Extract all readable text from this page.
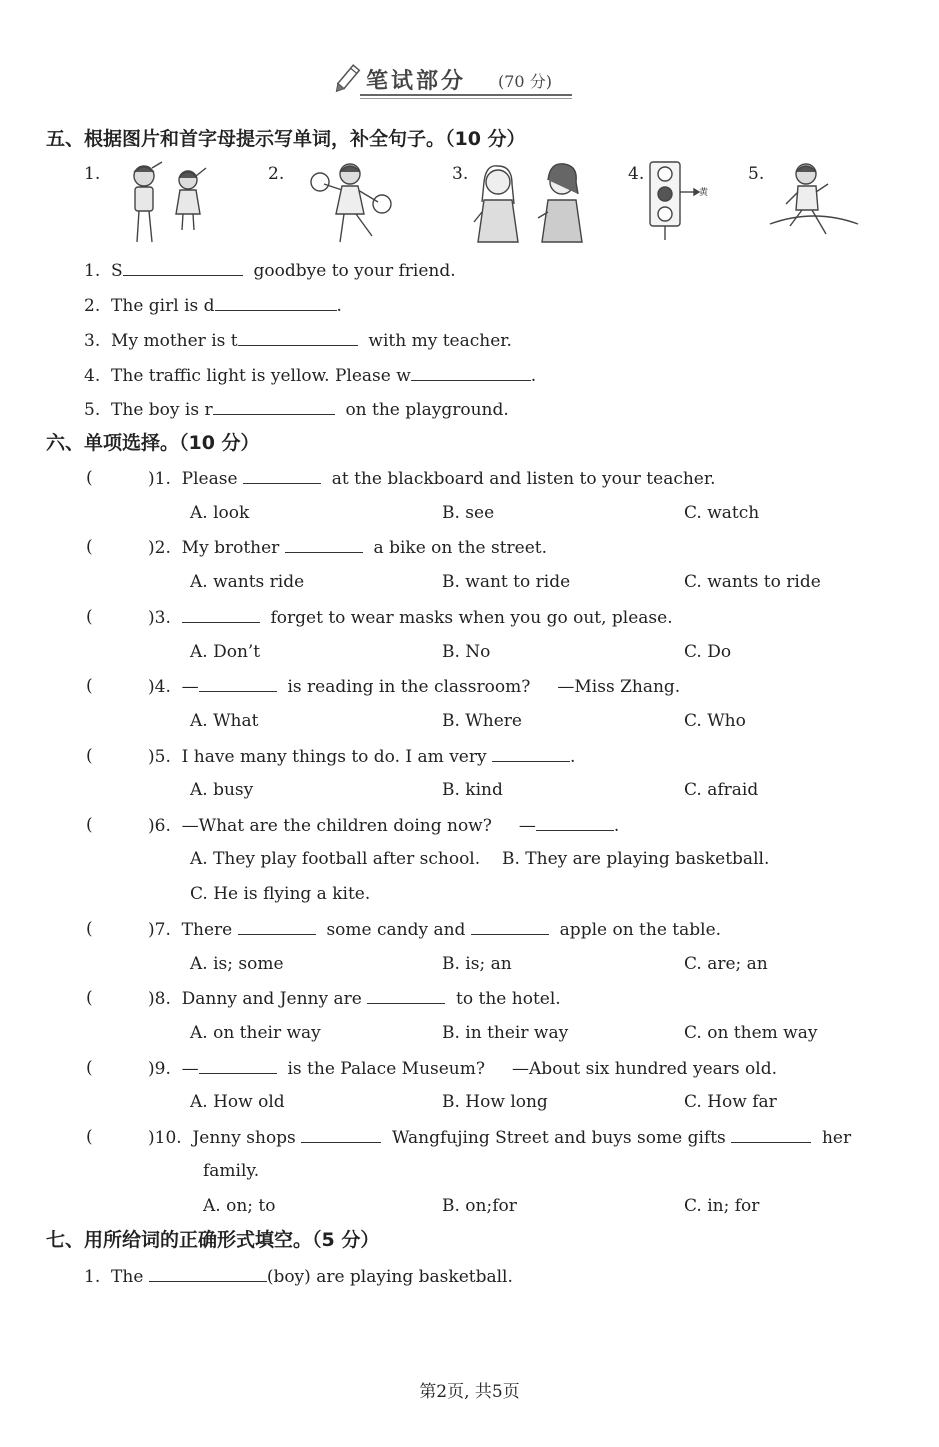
笔试部分 (70 分)
五、根据图片和首字母提示写单词，补全句子。（10 分）
1.	2.	3.	4.	5.
黄
1. S	goodbye to your friend.
2. The girl is d	.
3. My mother is t	with my teacher.
4. The traffic light is yellow. Please w	.
5. The boy is r	on the playground.
六、单项选择。（10 分）
(	)1. Please	at the blackboard and listen to your teacher.
A. look	B. see	C. watch
(	)2. My brother	a bike on the street.
A. wants ride	B. want to ride	C. wants to ride
(	)3.	forget to wear masks when you go out, please.
A. Don’t	B. No	C. Do
(	)4. —	is reading in the classroom? —Miss Zhang.
A. What	B. Where	C. Who
(	)5. I have many things to do. I am very	.
A. busy	B. kind	C. afraid
(	)6. —What are the children doing now? —	.
A. They play football after school. B. They are playing basketball.
C. He is flying a kite.
(	)7. There	some candy and	apple on the table.
A. is; some	B. is; an	C. are; an
(	)8. Danny and Jenny are	to the hotel.
A. on their way	B. in their way	C. on them way
(	)9. —	is the Palace Museum? —About six hundred years old.
A. How old	B. How long	C. How far
(	)10. Jenny shops	Wangfujing Street and buys some gifts	her
family.
A. on; to	B. on;for	C. in; for
七、用所给词的正确形式填空。（5 分）
1. The	(boy) are playing basketball.
第2页, 共5页
